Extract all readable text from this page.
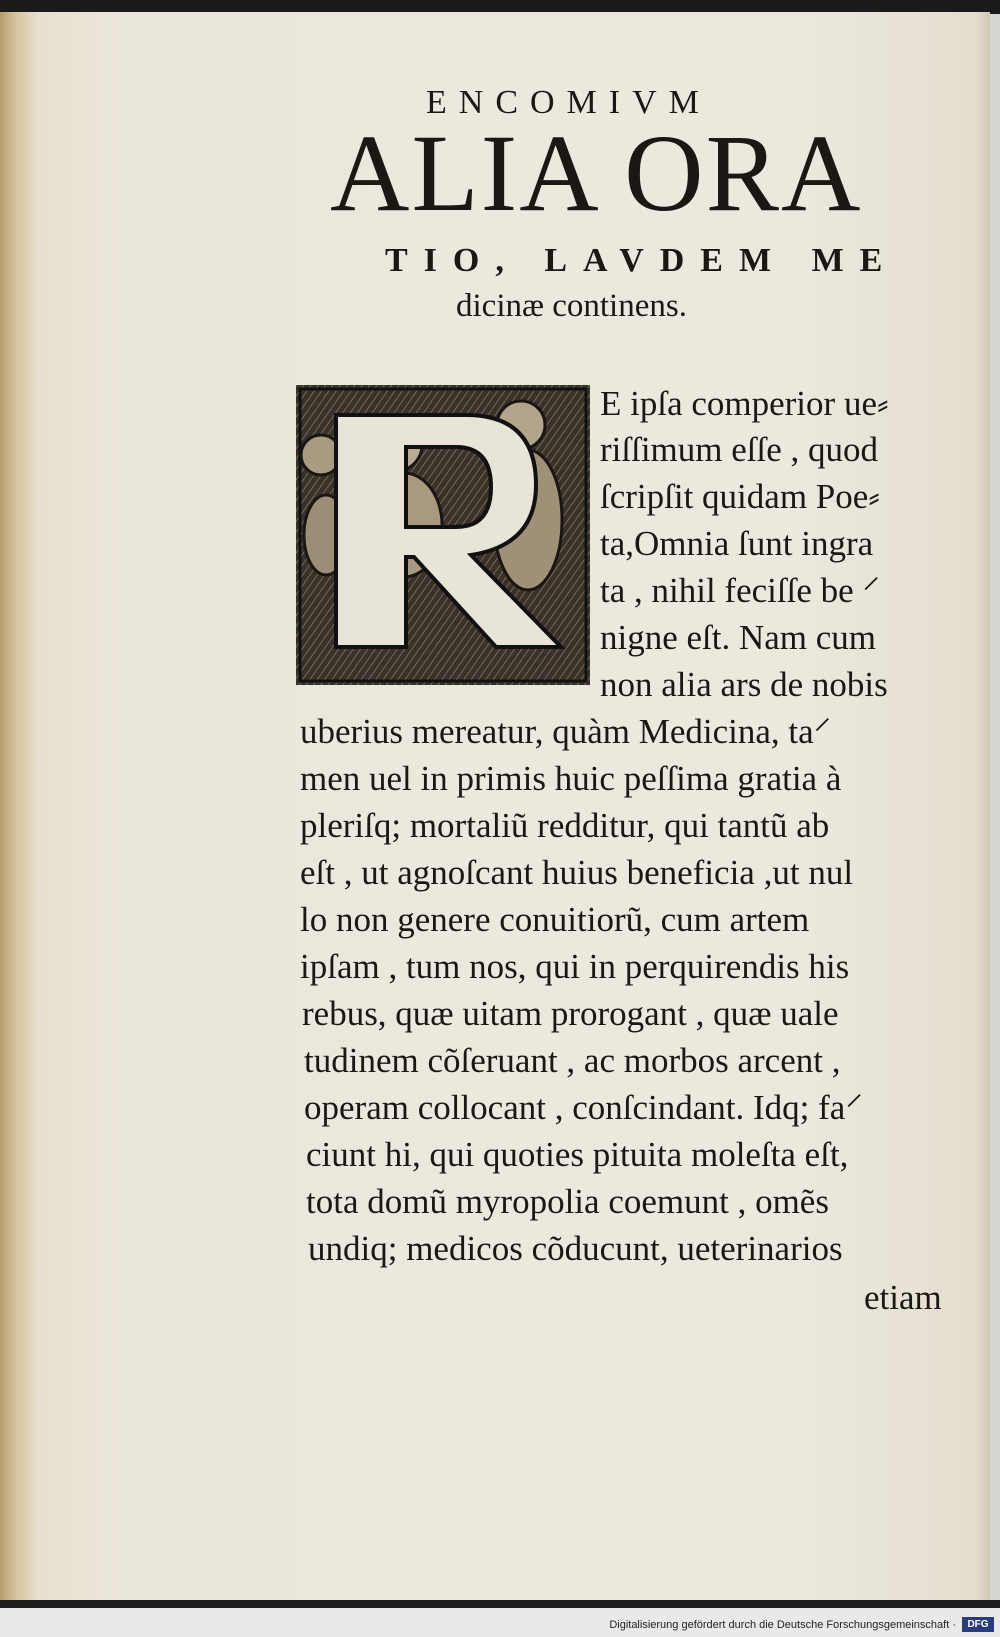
ENCOMIVM
ALIA ORA
TIO, LAVDEM ME
dicinæ continens.
E ipſa comperior ue⸗
riſſimum eſſe , quod
ſcripſit quidam Poe⸗
ta,Omnia ſunt ingra
ta , nihil feciſſe be ⸍
nigne eſt. Nam cum
non alia ars de nobis
uberius mereatur, quàm Medicina, ta⸍
men uel in primis huic peſſima gratia à
pleriſq; mortaliũ redditur, qui tantũ ab
eſt , ut agnoſcant huius beneficia ,ut nul
lo non genere conuitiorũ, cum artem
ipſam , tum nos, qui in perquirendis his
rebus, quæ uitam prorogant , quæ uale
tudinem cõſeruant , ac morbos arcent ,
operam collocant , conſcindant. Idq; fa⸍
ciunt hi, qui quoties pituita moleſta eſt,
tota domũ myropolia coemunt , omẽs
undiq; medicos cõducunt, ueterinarios
etiam
Digitalisierung gefördert durch die Deutsche Forschungsgemeinschaft ·	DFG
